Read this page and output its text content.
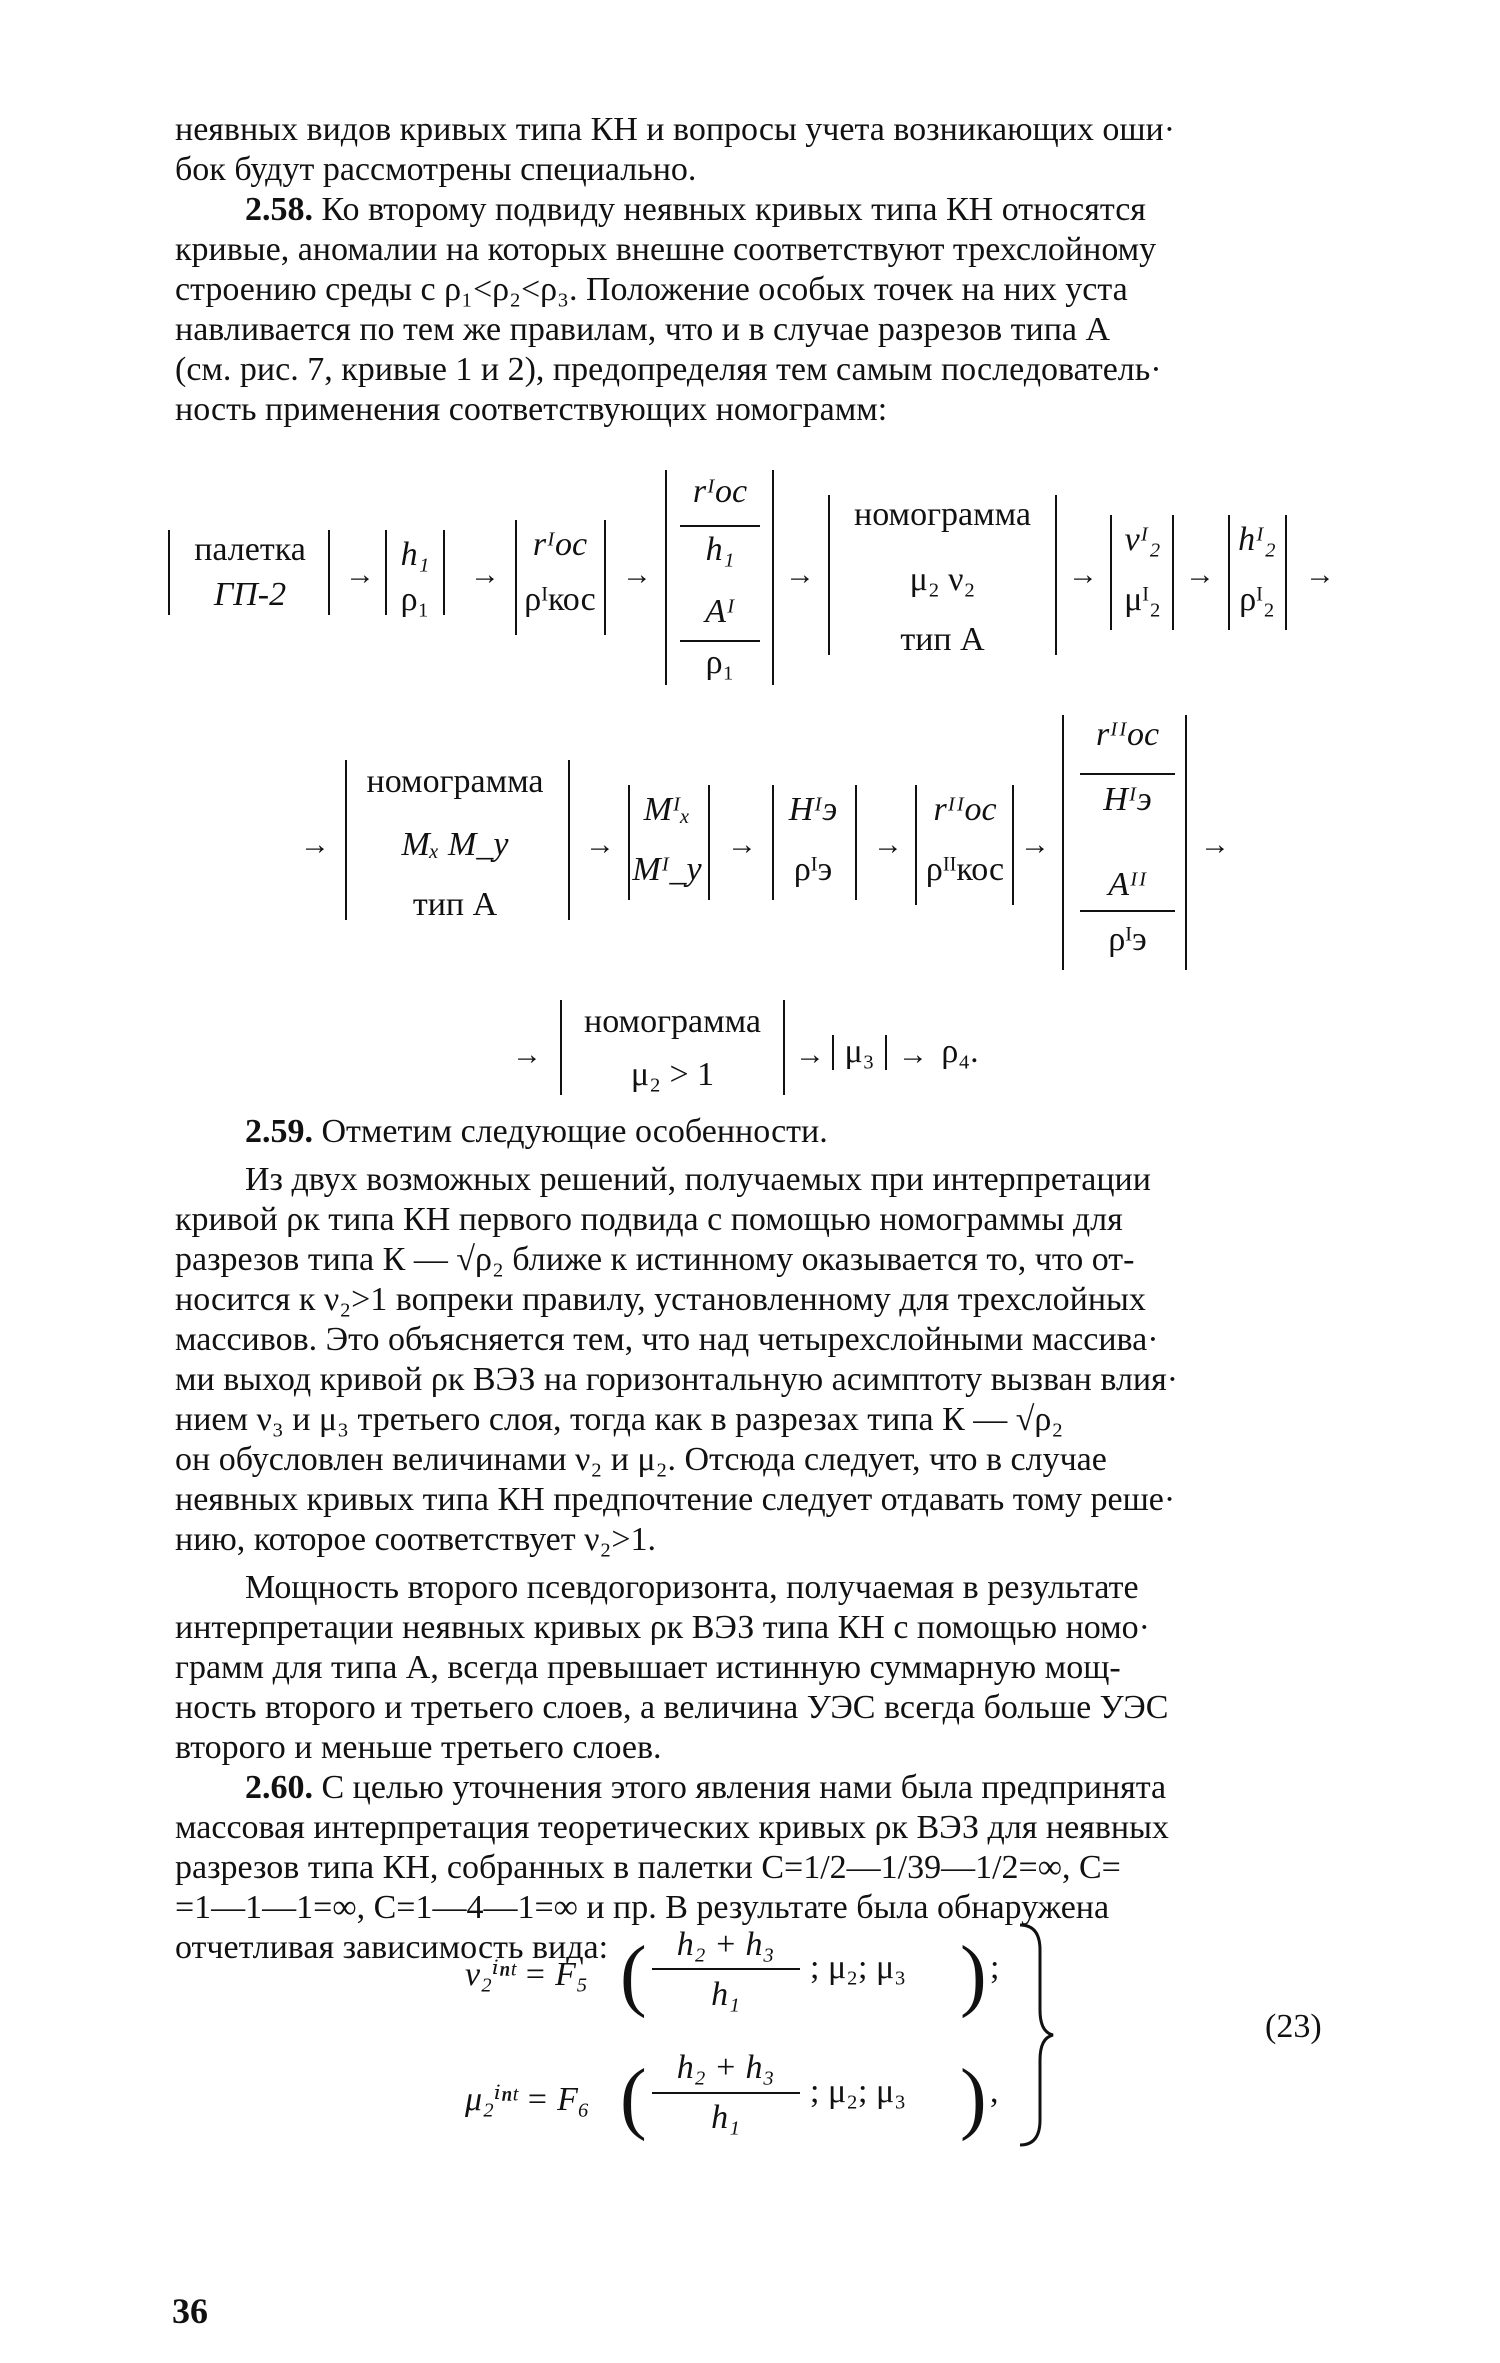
неявных видов кривых типа КН и вопросы учета возникающих оши·
бок будут рассмотрены специально.
2.58. Ко второму подвиду неявных кривых типа КН относятся
кривые, аномалии на которых внешне соответствуют трехслойному
строению среды с ρ₁<ρ₂<ρ₃. Положение особых точек на них уста
навливается по тем же правилам, что и в случае разрезов типа А
(см. рис. 7, кривые 1 и 2), предопределяя тем самым последователь·
ность применения соответствующих номограмм:
палетка
ГП-2
→
h₁
ρ₁
→
rᴵоc
ρᴵкос
→
rᴵоc
h₁
Aᴵ
ρ₁
→
номограмма
μ₂ ν₂
тип А
→
νᴵ₂
μᴵ₂
→
hᴵ₂
ρᴵ₂
→
→
номограмма
Mₓ M_y
тип А
→
Mᴵₓ
Mᴵ_y
→
Hᴵэ
ρᴵэ
→
rᴵᴵоc
ρᴵᴵкос
→
rᴵᴵоc
Hᴵэ
Aᴵᴵ
ρᴵэ
→
→
номограмма
μ₂ > 1
→ μ₃ → ρ₄.
2.59. Отметим следующие особенности.
Из двух возможных решений, получаемых при интерпретации
кривой ρк типа КН первого подвида с помощью номограммы для
разрезов типа К — √ρ₂ ближе к истинному оказывается то, что от-
носится к ν₂>1 вопреки правилу, установленному для трехслойных
массивов. Это объясняется тем, что над четырехслойными массива·
ми выход кривой ρк ВЭЗ на горизонтальную асимптоту вызван влия·
нием ν₃ и μ₃ третьего слоя, тогда как в разрезах типа К — √ρ₂
он обусловлен величинами ν₂ и μ₂. Отсюда следует, что в случае
неявных кривых типа КН предпочтение следует отдавать тому реше·
нию, которое соответствует ν₂>1.
Мощность второго псевдогоризонта, получаемая в результате
интерпретации неявных кривых ρк ВЭЗ типа КН с помощью номо·
грамм для типа А, всегда превышает истинную суммарную мощ-
ность второго и третьего слоев, а величина УЭС всегда больше УЭС
второго и меньше третьего слоев.
2.60. С целью уточнения этого явления нами была предпринята
массовая интерпретация теоретических кривых ρк ВЭЗ для неявных
разрезов типа КН, собранных в палетки С=1/2—1/39—1/2=∞, С=
=1—1—1=∞, С=1—4—1=∞ и пр. В результате была обнаружена
отчетливая зависимость вида:
ν₂ⁱⁿᵗ = F₅ ( h₂ + h₃
h₁
; μ₂; μ₃ ) ;
μ₂ⁱⁿᵗ = F₆ ( h₂ + h₃
h₁
; μ₂; μ₃ ) ,
(23)
36
